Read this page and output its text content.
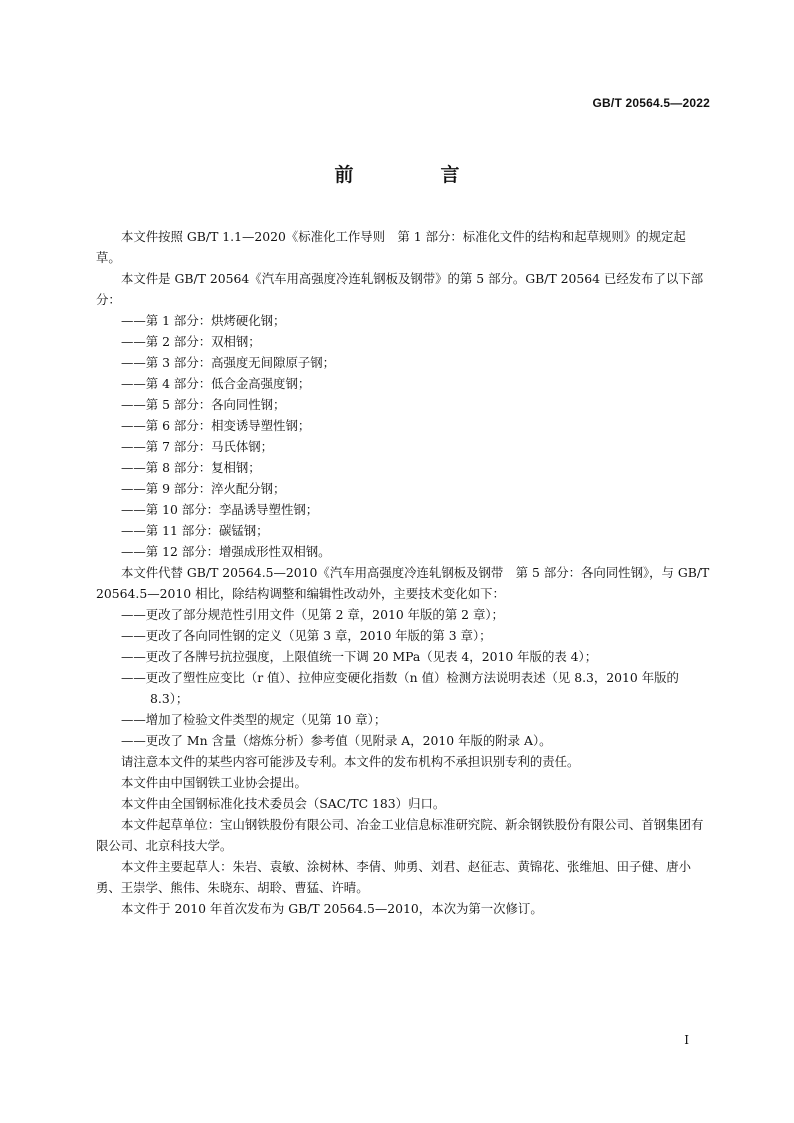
GB/T 20564.5—2022
前　言

本文件按照 GB/T 1.1—2020《标准化工作导则　第 1 部分：标准化文件的结构和起草规则》的规定起草。

本文件是 GB/T 20564《汽车用高强度冷连轧钢板及钢带》的第 5 部分。GB/T 20564 已经发布了以下部分：

——第 1 部分：烘烤硬化钢；

——第 2 部分：双相钢；

——第 3 部分：高强度无间隙原子钢；

——第 4 部分：低合金高强度钢；

——第 5 部分：各向同性钢；

——第 6 部分：相变诱导塑性钢；

——第 7 部分：马氏体钢；

——第 8 部分：复相钢；

——第 9 部分：淬火配分钢；

——第 10 部分：孪晶诱导塑性钢；

——第 11 部分：碳锰钢；

——第 12 部分：增强成形性双相钢。

本文件代替 GB/T 20564.5—2010《汽车用高强度冷连轧钢板及钢带　第 5 部分：各向同性钢》，与 GB/T 20564.5—2010 相比，除结构调整和编辑性改动外，主要技术变化如下：

——更改了部分规范性引用文件（见第 2 章，2010 年版的第 2 章）；

——更改了各向同性钢的定义（见第 3 章，2010 年版的第 3 章）；

——更改了各牌号抗拉强度，上限值统一下调 20 MPa（见表 4，2010 年版的表 4）；

——更改了塑性应变比（r 值）、拉伸应变硬化指数（n 值）检测方法说明表述（见 8.3，2010 年版的 8.3）；

——增加了检验文件类型的规定（见第 10 章）；

——更改了 Mn 含量（熔炼分析）参考值（见附录 A，2010 年版的附录 A）。

请注意本文件的某些内容可能涉及专利。本文件的发布机构不承担识别专利的责任。

本文件由中国钢铁工业协会提出。

本文件由全国钢标准化技术委员会（SAC/TC 183）归口。

本文件起草单位：宝山钢铁股份有限公司、冶金工业信息标准研究院、新余钢铁股份有限公司、首钢集团有限公司、北京科技大学。

本文件主要起草人：朱岩、袁敏、涂树林、李倩、帅勇、刘君、赵征志、黄锦花、张维旭、田子健、唐小勇、王崇学、熊伟、朱晓东、胡聆、曹猛、许晴。

本文件于 2010 年首次发布为 GB/T 20564.5—2010，本次为第一次修订。

I
